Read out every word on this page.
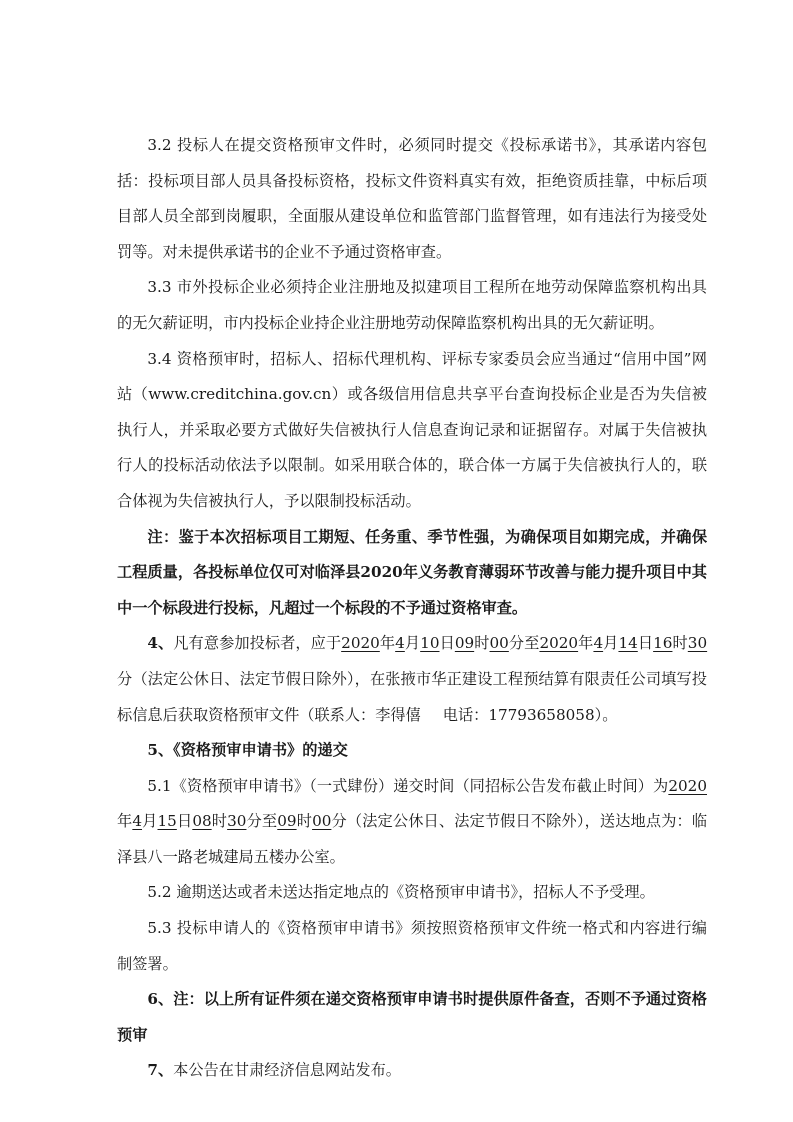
3.2 投标人在提交资格预审文件时，必须同时提交《投标承诺书》，其承诺内容包括：投标项目部人员具备投标资格，投标文件资料真实有效，拒绝资质挂靠，中标后项目部人员全部到岗履职，全面服从建设单位和监管部门监督管理，如有违法行为接受处罚等。对未提供承诺书的企业不予通过资格审查。

3.3 市外投标企业必须持企业注册地及拟建项目工程所在地劳动保障监察机构出具的无欠薪证明，市内投标企业持企业注册地劳动保障监察机构出具的无欠薪证明。

3.4 资格预审时，招标人、招标代理机构、评标专家委员会应当通过“信用中国”网站（www.creditchina.gov.cn）或各级信用信息共享平台查询投标企业是否为失信被执行人，并采取必要方式做好失信被执行人信息查询记录和证据留存。对属于失信被执行人的投标活动依法予以限制。如采用联合体的，联合体一方属于失信被执行人的，联合体视为失信被执行人，予以限制投标活动。

注：鉴于本次招标项目工期短、任务重、季节性强，为确保项目如期完成，并确保工程质量，各投标单位仅可对临泽县2020年义务教育薄弱环节改善与能力提升项目中其中一个标段进行投标，凡超过一个标段的不予通过资格审查。

4、凡有意参加投标者，应于2020年4月10日09时00分至2020年4月14日16时30分（法定公休日、法定节假日除外），在张掖市华正建设工程预结算有限责任公司填写投标信息后获取资格预审文件（联系人：李得僖 电话：17793658058）。

5、《资格预审申请书》的递交

5.1《资格预审申请书》（一式肆份）递交时间（同招标公告发布截止时间）为2020年4月15日08时30分至09时00分（法定公休日、法定节假日不除外），送达地点为：临泽县八一路老城建局五楼办公室。

5.2 逾期送达或者未送达指定地点的《资格预审申请书》，招标人不予受理。

5.3 投标申请人的《资格预审申请书》须按照资格预审文件统一格式和内容进行编制签署。

6、注：以上所有证件须在递交资格预审申请书时提供原件备查，否则不予通过资格预审

7、本公告在甘肃经济信息网站发布。
